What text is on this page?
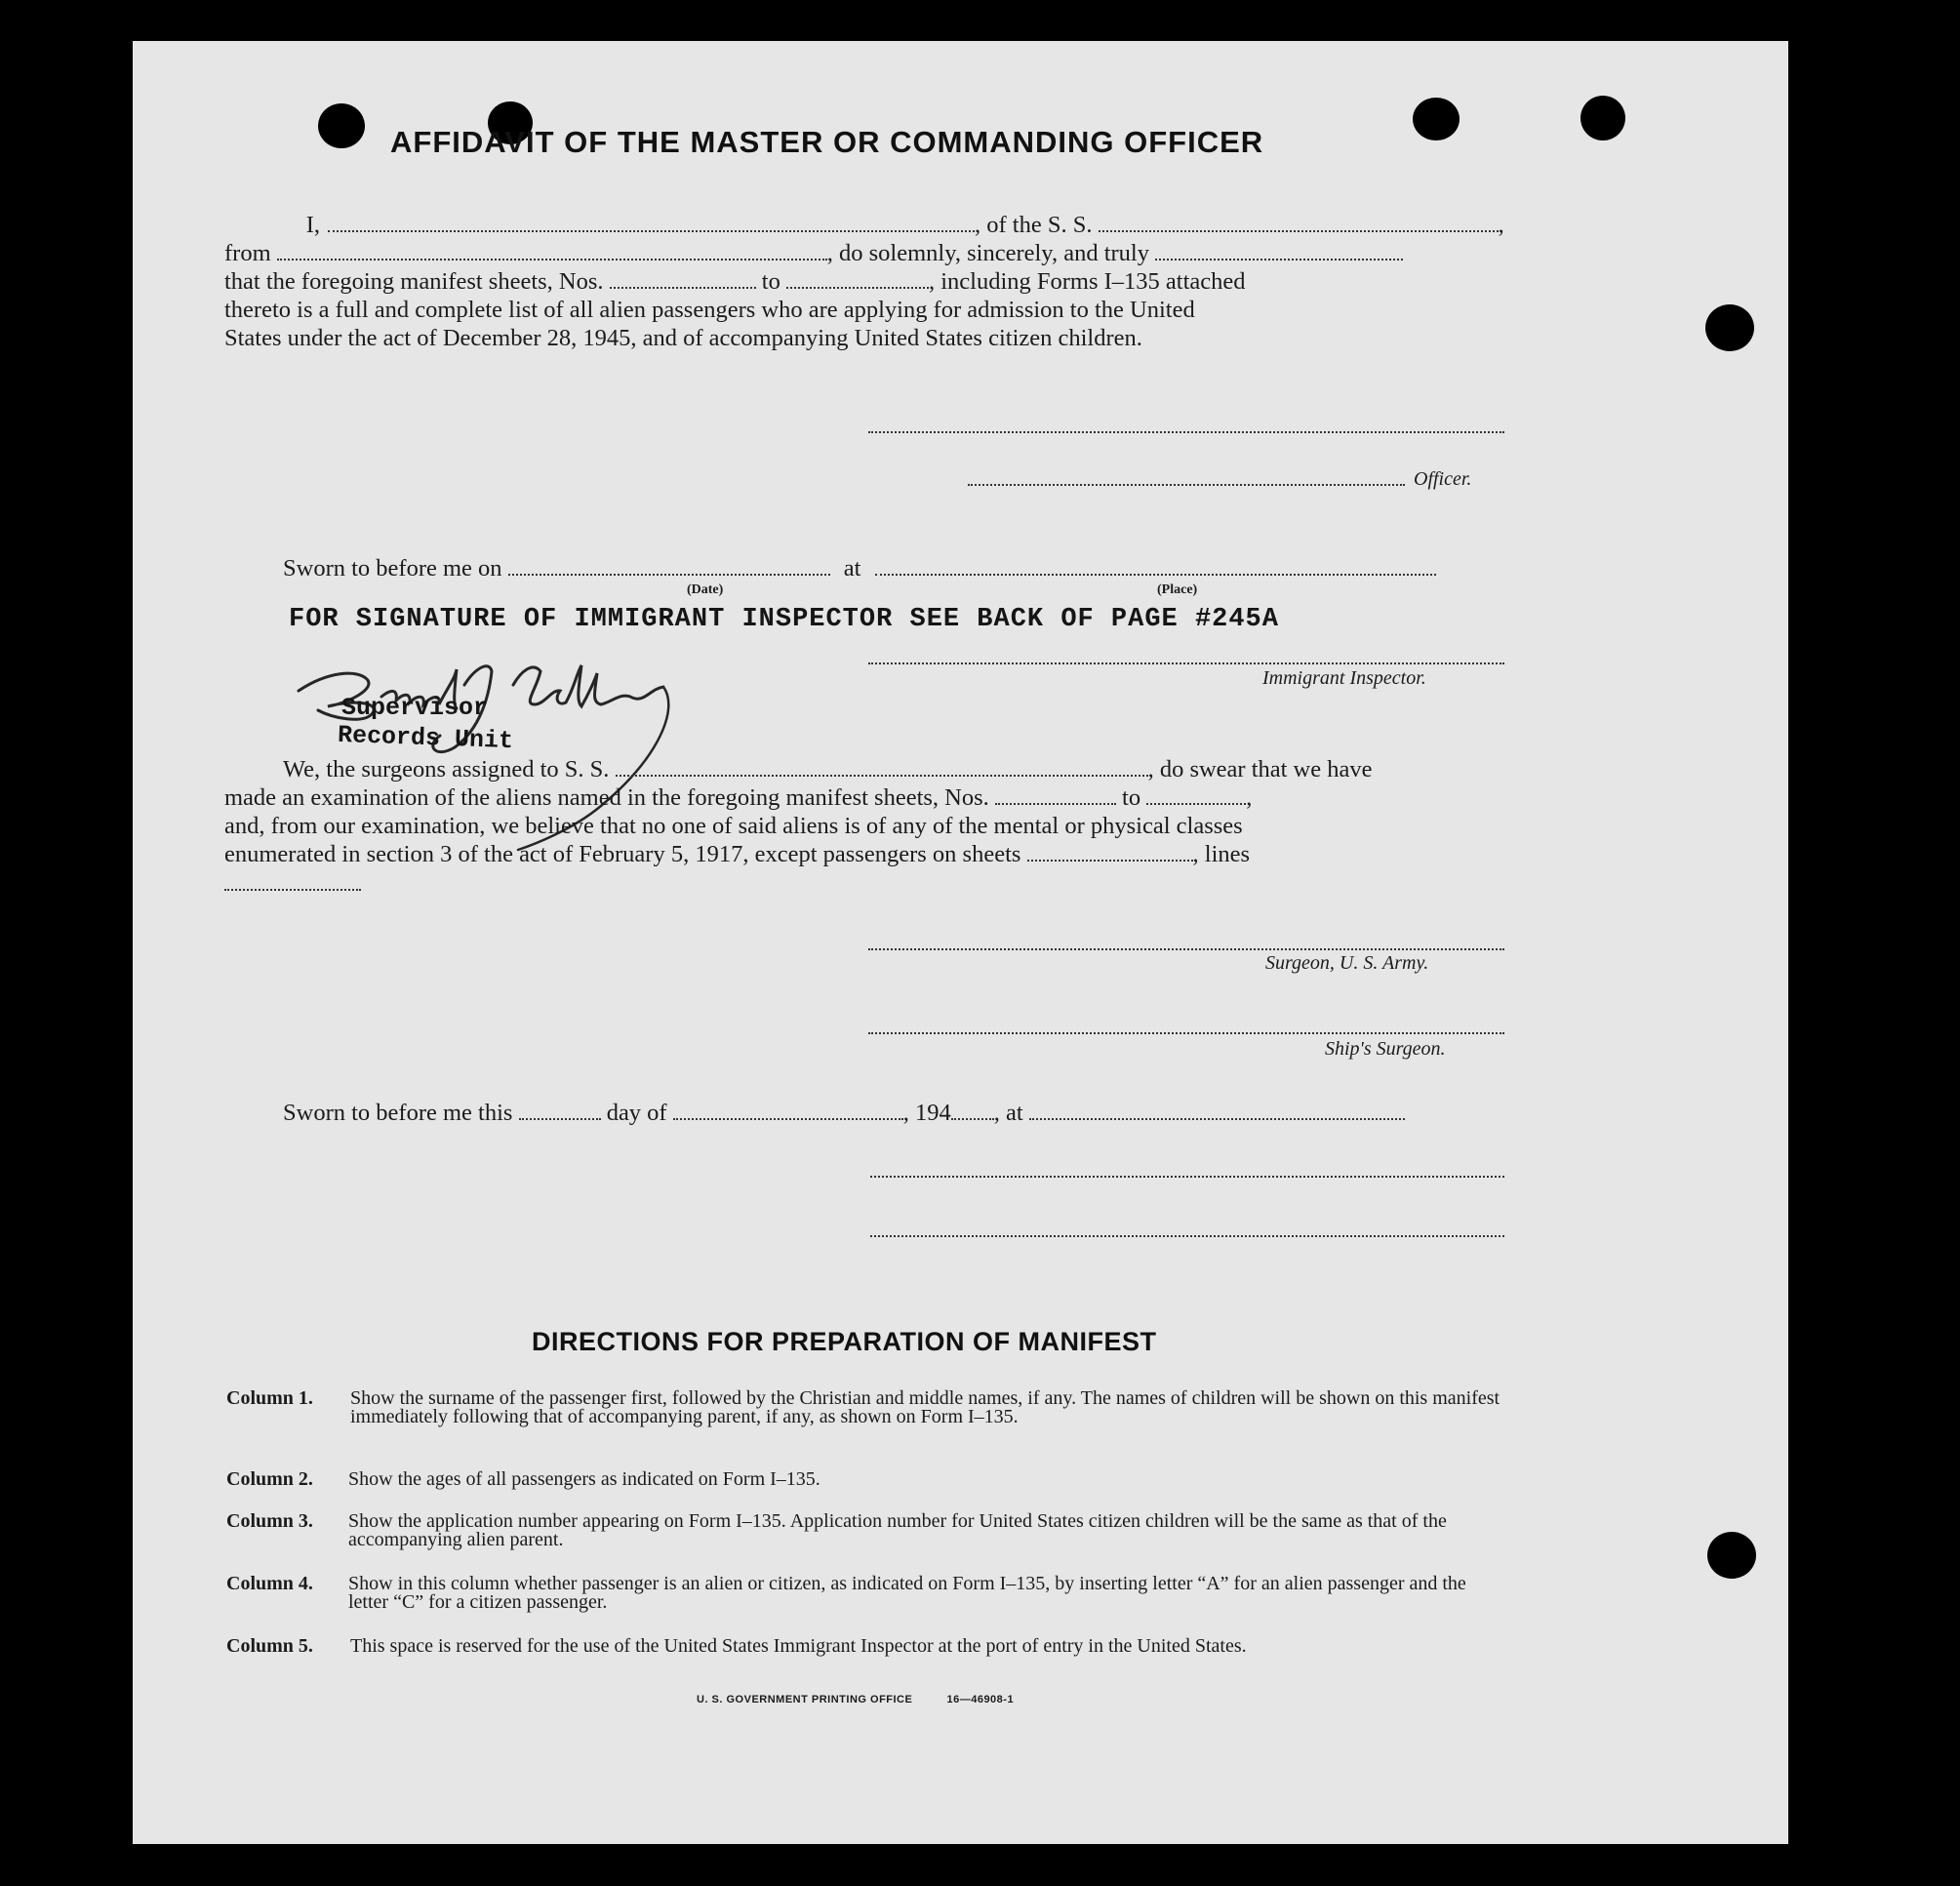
AFFIDAVIT OF THE MASTER OR COMMANDING OFFICER
I,	, of the S. S.	,
from	, do solemnly, sincerely, and truly
that the foregoing manifest sheets, Nos.	to	, including Forms I–135 attached
thereto is a full and complete list of all alien passengers who are applying for admission to the United
States under the act of December 28, 1945, and of accompanying United States citizen children.
Officer.
Sworn to before me on	at
(Date)	(Place)
FOR SIGNATURE OF IMMIGRANT INSPECTOR SEE BACK OF PAGE #245A
Supervisor
Records Unit
Immigrant Inspector.
We, the surgeons assigned to S. S.	, do swear that we have
made an examination of the aliens named in the foregoing manifest sheets, Nos.	to	,
and, from our examination, we believe that no one of said aliens is of any of the mental or physical classes
enumerated in section 3 of the act of February 5, 1917, except passengers on sheets	, lines
Surgeon, U. S. Army.
Ship's Surgeon.
Sworn to before me this	day of	, 194 , at
DIRECTIONS FOR PREPARATION OF MANIFEST
Column 1. Show the surname of the passenger first, followed by the Christian and middle names, if any. The names of children will be shown on this manifest immediately following that of accompanying parent, if any, as shown on Form I–135.
Column 2. Show the ages of all passengers as indicated on Form I–135.
Column 3. Show the application number appearing on Form I–135. Application number for United States citizen children will be the same as that of the accompanying alien parent.
Column 4. Show in this column whether passenger is an alien or citizen, as indicated on Form I–135, by inserting letter “A” for an alien passenger and the letter “C” for a citizen passenger.
Column 5. This space is reserved for the use of the United States Immigrant Inspector at the port of entry in the United States.
U. S. GOVERNMENT PRINTING OFFICE	16—46908-1
